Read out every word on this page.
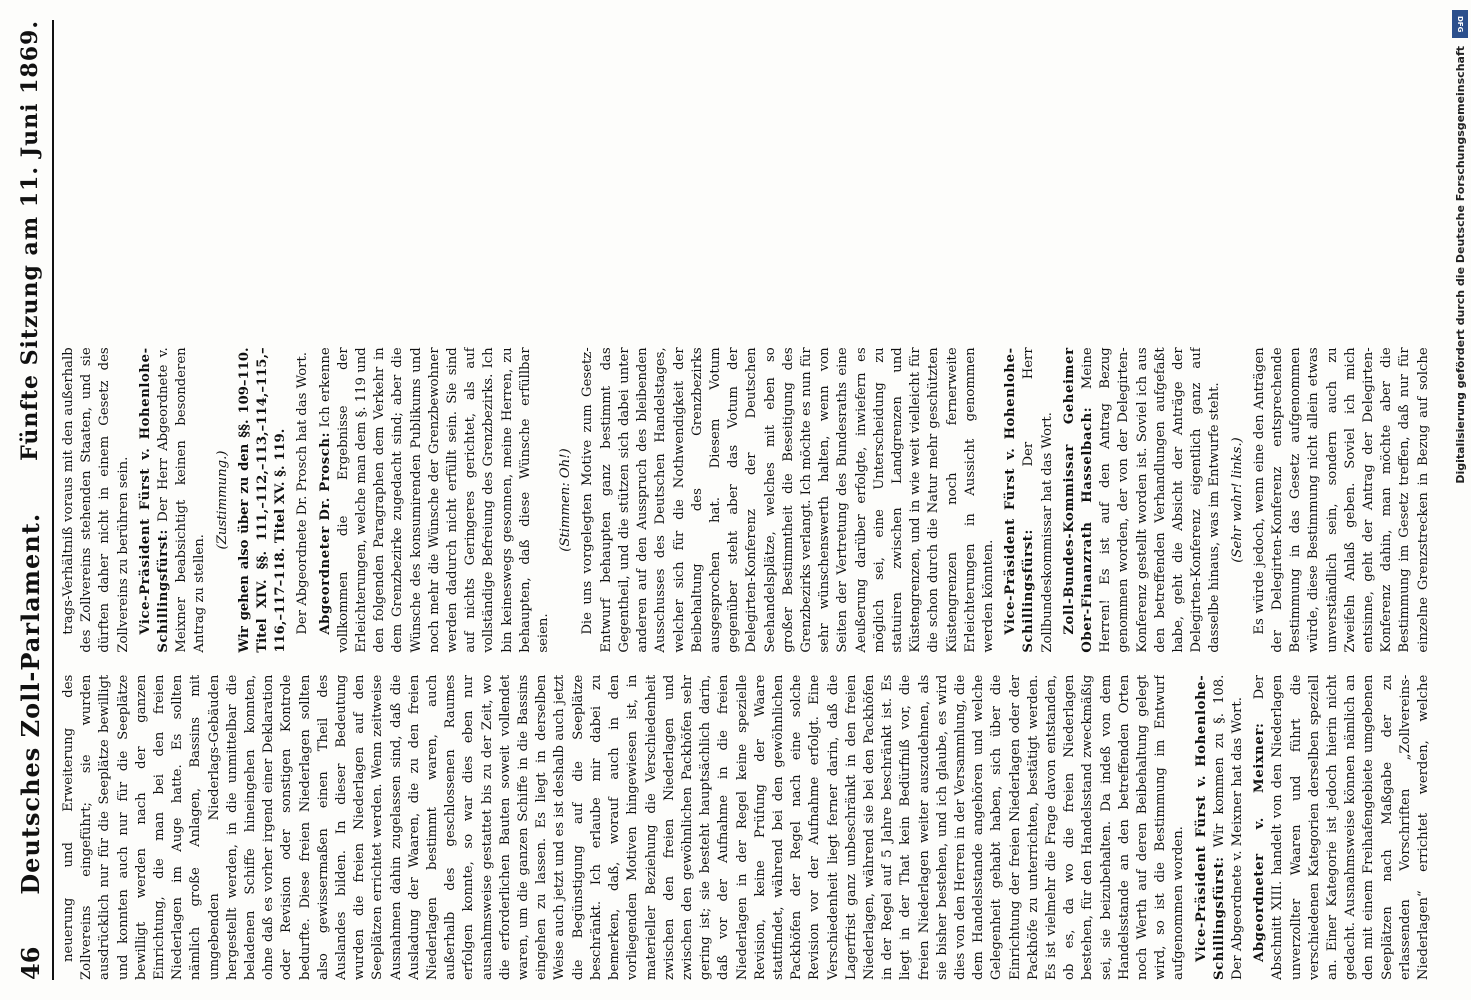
46
Deutsches Zoll-Parlament.
Fünfte Sitzung am 11. Juni 1869.

neuerung und Erweiterung des Zollvereins eingeführt; sie wurden ausdrücklich nur für die Seeplätze bewilligt und konnten auch nur für die Seeplätze bewilligt werden nach der ganzen Einrichtung, die man bei den freien Niederlagen im Auge hatte. Es sollten nämlich große Anlagen, Bassins mit umgebenden Niederlags-Gebäuden hergestellt werden, in die unmittelbar die beladenen Schiffe hineingehen konnten, ohne daß es vorher irgend einer Deklaration oder Revision oder sonstigen Kontrole bedurfte. Diese freien Niederlagen sollten also gewissermaßen einen Theil des Auslandes bilden. In dieser Bedeutung wurden die freien Niederlagen auf den Seeplätzen errichtet werden. Wenn zeitweise Ausnahmen dahin zugelassen sind, daß die Ausladung der Waaren, die zu den freien Niederlagen bestimmt waren, auch außerhalb des geschlossenen Raumes erfolgen konnte, so war dies eben nur ausnahmsweise gestattet bis zu der Zeit, wo die erforderlichen Bauten soweit vollendet waren, um die ganzen Schiffe in die Bassins eingehen zu lassen. Es liegt in derselben Weise auch jetzt und es ist deshalb auch jetzt die Begünstigung auf die Seeplätze beschränkt. Ich erlaube mir dabei zu bemerken, daß, worauf auch in den vorliegenden Motiven hingewiesen ist, in materieller Beziehung die Verschiedenheit zwischen den freien Niederlagen und zwischen den gewöhnlichen Packhöfen sehr gering ist; sie besteht hauptsächlich darin, daß vor der Aufnahme in die freien Niederlagen in der Regel keine spezielle Revision, keine Prüfung der Waare stattfindet, während bei den gewöhnlichen Packhöfen der Regel nach eine solche Revision vor der Aufnahme erfolgt. Eine Verschiedenheit liegt ferner darin, daß die Lagerfrist ganz unbeschränkt in den freien Niederlagen, während sie bei den Packhöfen in der Regel auf 5 Jahre beschränkt ist. Es liegt in der That kein Bedürfniß vor, die freien Niederlagen weiter auszudehnen, als sie bisher bestehen, und ich glaube, es wird dies von den Herren in der Versammlung, die dem Handelsstande angehören und welche Gelegenheit gehabt haben, sich über die Einrichtung der freien Niederlagen oder der Packhöfe zu unterrichten, bestätigt werden. Es ist vielmehr die Frage davon entstanden, ob es, da wo die freien Niederlagen bestehen, für den Handelsstand zweckmäßig sei, sie beizubehalten. Da indeß von dem Handelsstande an den betreffenden Orten noch Werth auf deren Beibehaltung gelegt wird, so ist die Bestimmung im Entwurf aufgenommen worden. Vice-Präsident Fürst v. Hohenlohe-Schillingsfürst: Wir kommen zu §. 108. Der Abgeordnete v. Meixner hat das Wort. Abgeordneter v. Meixner: Der Abschnitt XIII. handelt von den Niederlagen unverzollter Waaren und führt die verschiedenen Kategorien derselben speziell an. Einer Kategorie ist jedoch hierin nicht gedacht. Ausnahmsweise können nämlich an den mit einem Freihafengebiete umgebenen Seeplätzen nach Maßgabe der zu erlassenden Vorschriften „Zollvereins-Niederlagen“ errichtet werden, welche

trags-Verhältniß voraus mit den außerhalb des Zollvereins stehenden Staaten, und sie dürften daher nicht in einem Gesetz des Zollvereins zu berühren sein. Vice-Präsident Fürst v. Hohenlohe-Schillingsfürst: Der Herr Abgeordnete v. Meixner beabsichtigt keinen besonderen Antrag zu stellen.

(Zustimmung.) Wir gehen also über zu den §§. 109–110. Titel XIV. §§. 111,–112,–113,–114,–115,–116,–117–118. Titel XV. §. 119. Der Abgeordnete Dr. Prosch hat das Wort. Abgeordneter Dr. Prosch: Ich erkenne vollkommen die Ergebnisse der Erleichterungen, welche man dem §. 119 und den folgenden Paragraphen dem Verkehr in dem Grenzbezirke zugedacht sind; aber die Wünsche des konsumirenden Publikums und noch mehr die Wünsche der Grenzbewohner werden dadurch nicht erfüllt sein. Sie sind auf nichts Geringeres gerichtet, als auf vollständige Befreiung des Grenzbezirks. Ich bin keineswegs gesonnen, meine Herren, zu behaupten, daß diese Wünsche erfüllbar seien.

(Stimmen: Oh!) Die uns vorgelegten Motive zum Gesetz-Entwurf behaupten ganz bestimmt das Gegentheil, und die stützen sich dabei unter anderen auf den Ausspruch des bleibenden Ausschusses des Deutschen Handelstages, welcher sich für die Nothwendigkeit der Beibehaltung des Grenzbezirks ausgesprochen hat. Diesem Votum gegenüber steht aber das Votum der Delegirten-Konferenz der Deutschen Seehandelsplätze, welches mit eben so großer Bestimmtheit die Beseitigung des Grenzbezirks verlangt. Ich möchte es nun für sehr wünschenswerth halten, wenn von Seiten der Vertretung des Bundesraths eine Aeußerung darüber erfolgte, inwiefern es möglich sei, eine Unterscheidung zu statuiren zwischen Landgrenzen und Küstengrenzen, und in wie weit vielleicht für die schon durch die Natur mehr geschützten Küstengrenzen noch fernerweite Erleichterungen in Aussicht genommen werden könnten. Vice-Präsident Fürst v. Hohenlohe-Schillingsfürst: Der Herr Zollbundeskommissar hat das Wort. Zoll-Bundes-Kommissar Geheimer Ober-Finanzrath Hasselbach: Meine Herren! Es ist auf den Antrag Bezug genommen worden, der von der Delegirten-Konferenz gestellt worden ist. Soviel ich aus den betreffenden Verhandlungen aufgefaßt habe, geht die Absicht der Anträge der Delegirten-Konferenz eigentlich ganz auf dasselbe hinaus, was im Entwurfe steht. (Sehr wahr! links.)

Es würde jedoch, wenn eine den Anträgen der Delegirten-Konferenz entsprechende Bestimmung in das Gesetz aufgenommen würde, diese Bestimmung nicht allein etwas unverständlich sein, sondern auch zu Zweifeln Anlaß geben. Soviel ich mich entsinne, geht der Antrag der Delegirten-Konferenz dahin, man möchte aber die Bestimmung im Gesetz treffen, daß nur für einzelne Grenzstrecken in Bezug auf solche

DFG
Digitalisierung gefördert durch die Deutsche Forschungsgemeinschaft
